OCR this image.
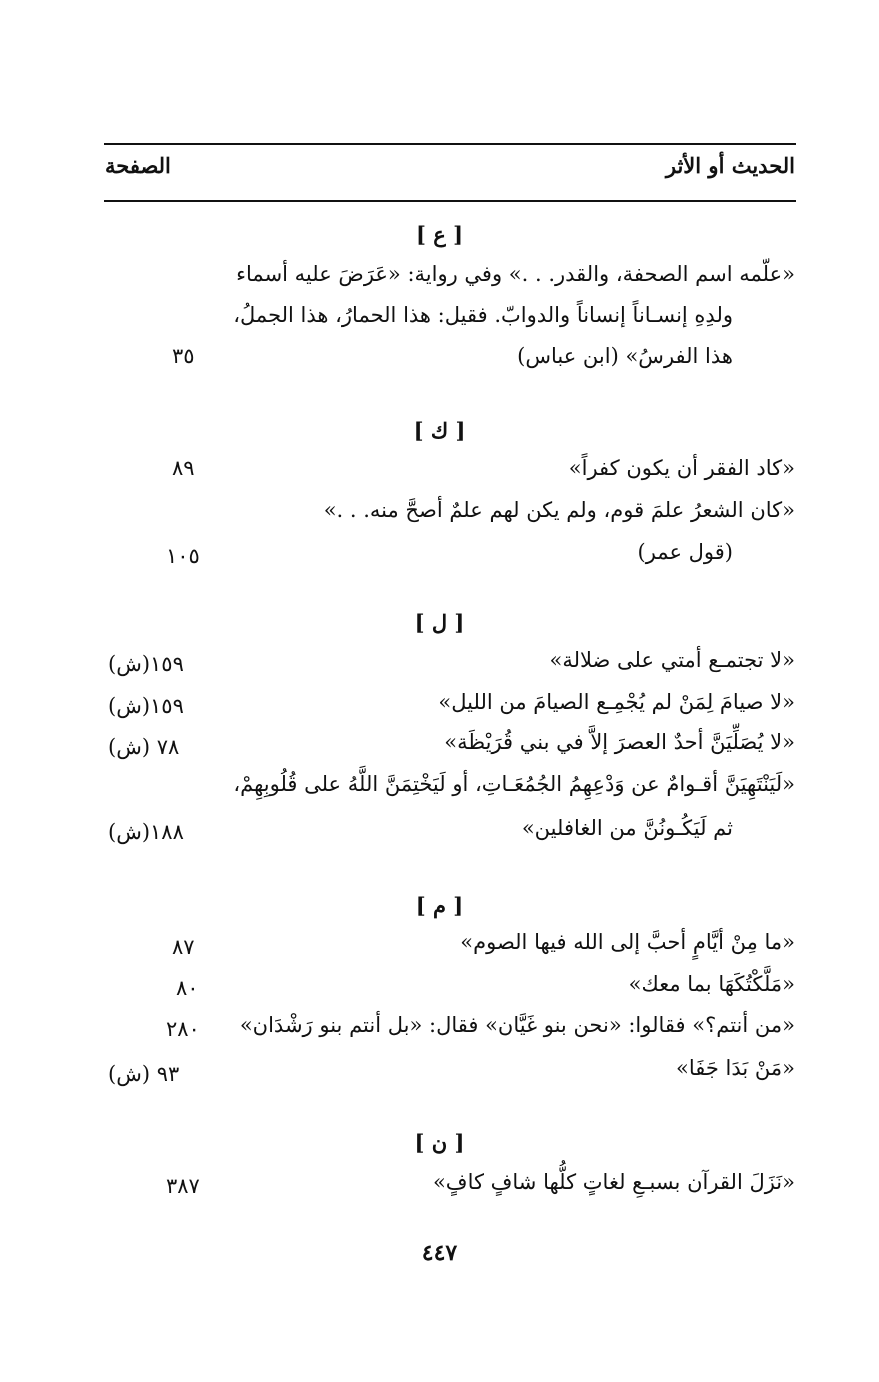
الحديث أو الأثر
الصفحة
[ ع ]
«علّمه اسم الصحفة، والقدر. . .» وفي رواية: «عَرَضَ عليه أسماء
ولدِهِ إنسـاناً إنساناً والدوابّ. فقيل: هذا الحمارُ، هذا الجملُ،
هذا الفرسُ» (ابن عباس)
٣٥
[ ك ]
«كاد الفقر أن يكون كفراً»
٨٩
«كان الشعرُ علمَ قوم، ولم يكن لهم علمٌ أصحَّ منه. . .»
(قول عمر)
١٠٥
[ ل ]
«لا تجتمـع أمتي على ضلالة»
١٥٩(ش)
«لا صيامَ لِمَنْ لم يُجْمِـع الصيامَ من الليل»
١٥٩(ش)
«لا يُصَلِّيَنَّ أحدٌ العصرَ إلاَّ في بني قُرَيْظَة»
٧٨ (ش)
«لَيَنْتَهِيَنَّ أقـوامٌ عن وَدْعِهِمُ الجُمُعَـاتِ، أو لَيَخْتِمَنَّ اللَّهُ على قُلُوبِهِمْ،
ثم لَيَكُـونُنَّ من الغافلين»
١٨٨(ش)
[ م ]
«ما مِنْ أيَّامٍ أحبَّ إلى الله فيها الصوم»
٨٧
«مَلَّكْتُكَهَا بما معك»
٨٠
«من أنتم؟» فقالوا: «نحن بنو غَيَّان» فقال: «بل أنتم بنو رَشْدَان»
٢٨٠
«مَنْ بَدَا جَفَا»
٩٣ (ش)
[ ن ]
«نَزَلَ القرآن بسبـعِ لغاتٍ كلُّها شافٍ كافٍ»
٣٨٧
٤٤٧
